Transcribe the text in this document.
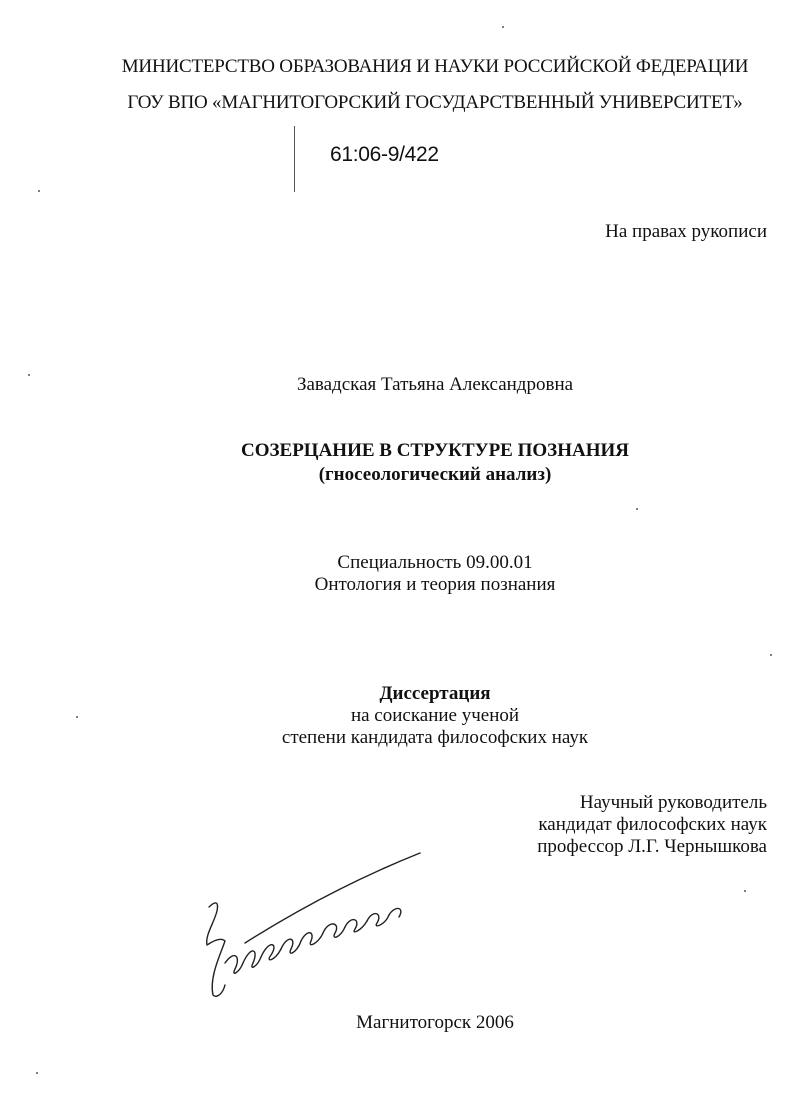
МИНИСТЕРСТВО ОБРАЗОВАНИЯ И НАУКИ РОССИЙСКОЙ ФЕДЕРАЦИИ
ГОУ ВПО «МАГНИТОГОРСКИЙ ГОСУДАРСТВЕННЫЙ УНИВЕРСИТЕТ»
61:06-9/422
На правах рукописи
Завадская Татьяна Александровна
СОЗЕРЦАНИЕ В СТРУКТУРЕ ПОЗНАНИЯ
(гносеологический анализ)
Специальность 09.00.01
Онтология и теория познания
Диссертация
на соискание ученой
степени кандидата философских наук
Научный руководитель
кандидат философских наук
профессор Л.Г. Чернышкова
Магнитогорск 2006
